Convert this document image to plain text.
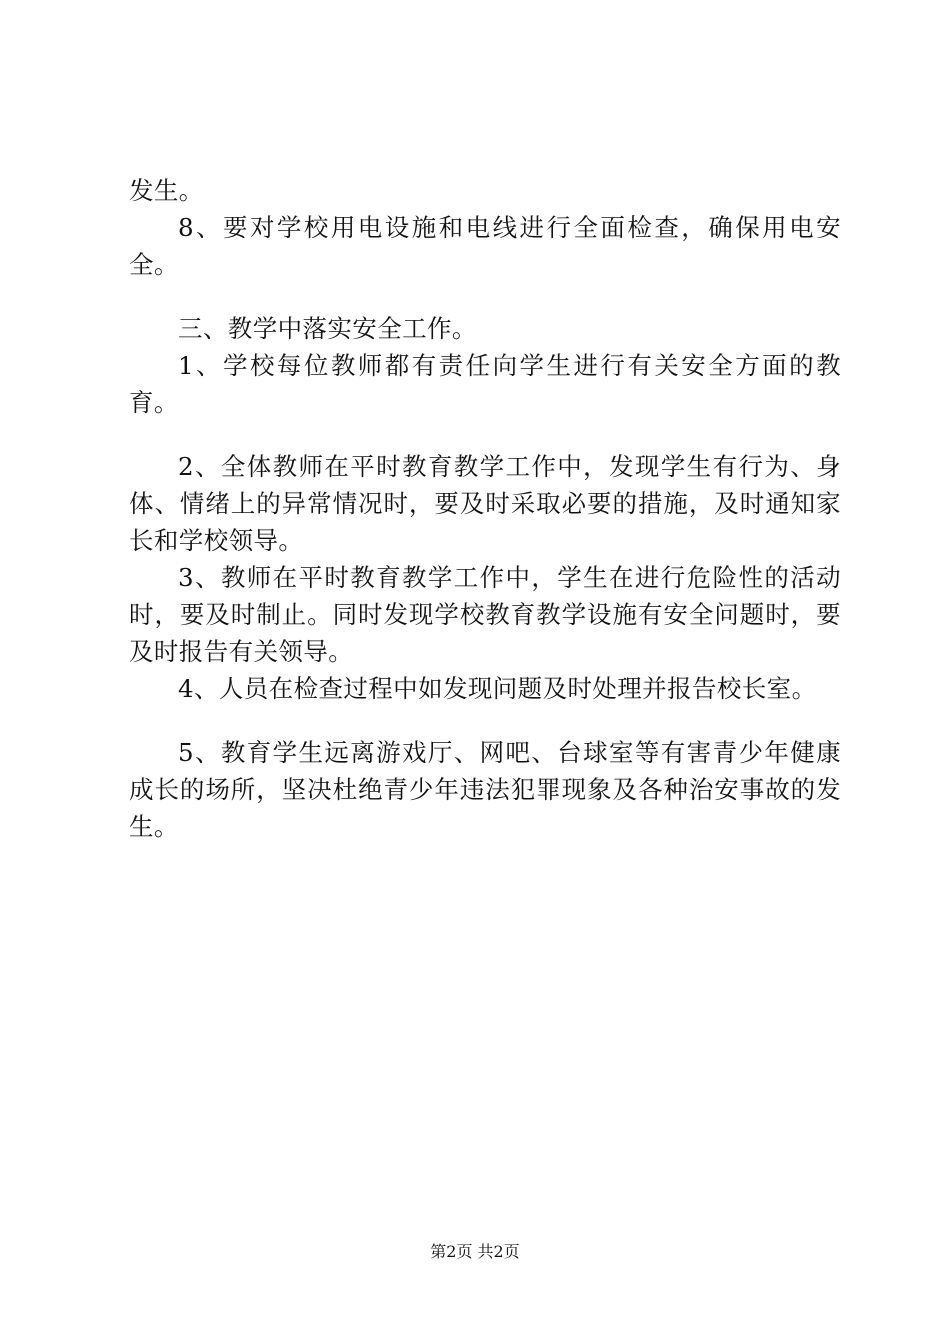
发生。

8、要对学校用电设施和电线进行全面检查，确保用电安全。

三、教学中落实安全工作。

1、学校每位教师都有责任向学生进行有关安全方面的教育。

2、全体教师在平时教育教学工作中，发现学生有行为、身体、情绪上的异常情况时，要及时采取必要的措施，及时通知家长和学校领导。

3、教师在平时教育教学工作中，学生在进行危险性的活动时，要及时制止。同时发现学校教育教学设施有安全问题时，要及时报告有关领导。

4、人员在检查过程中如发现问题及时处理并报告校长室。

5、教育学生远离游戏厅、网吧、台球室等有害青少年健康成长的场所，坚决杜绝青少年违法犯罪现象及各种治安事故的发生。

第2页 共2页
